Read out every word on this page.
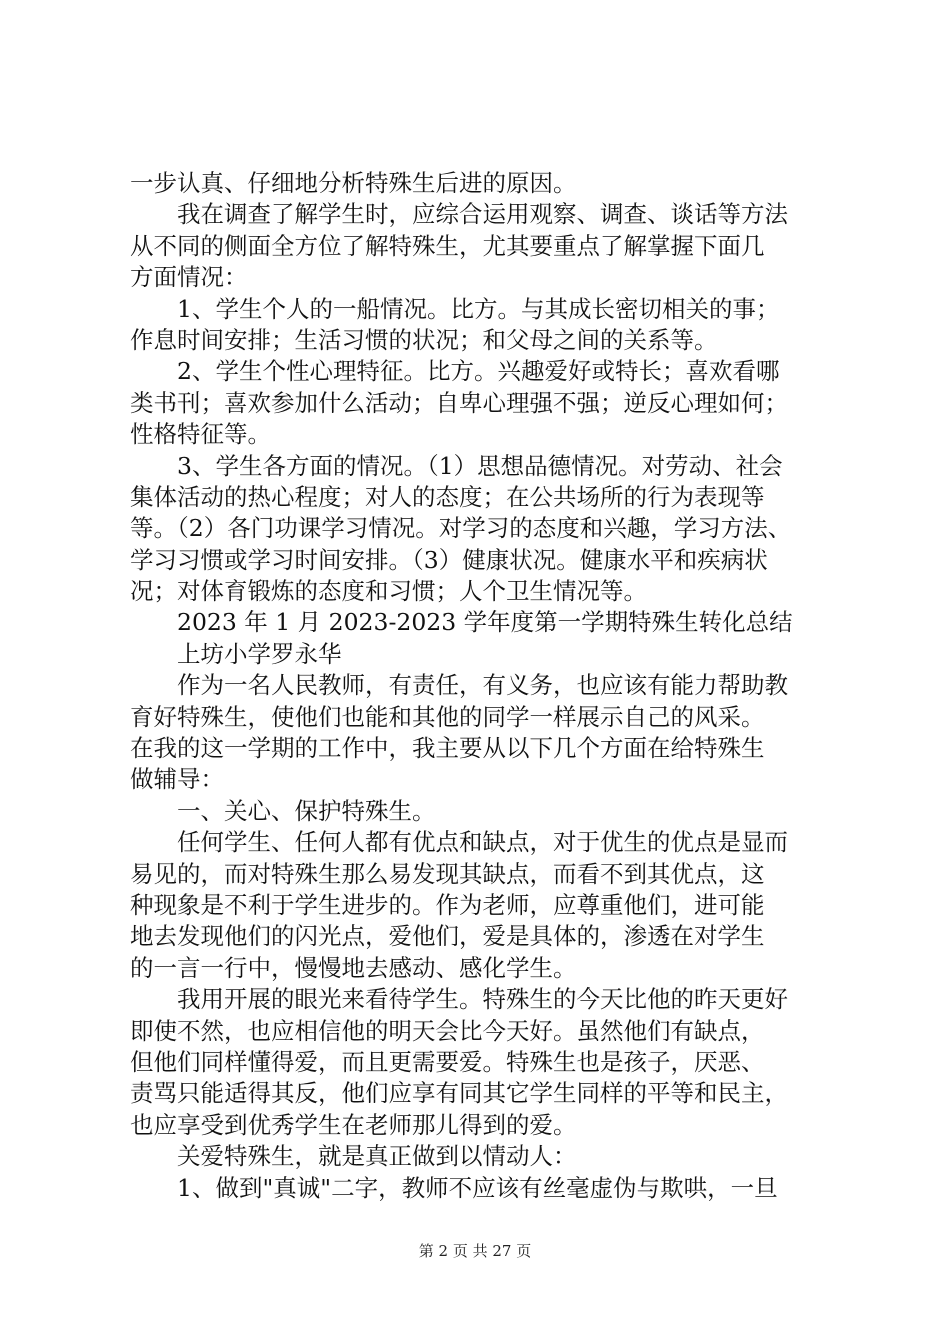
一步认真、仔细地分析特殊生后进的原因。
我在调查了解学生时，应综合运用观察、调查、谈话等方法
从不同的侧面全方位了解特殊生，尤其要重点了解掌握下面几
方面情况：
1、学生个人的一船情况。比方。与其成长密切相关的事；
作息时间安排；生活习惯的状况；和父母之间的关系等。
2、学生个性心理特征。比方。兴趣爱好或特长；喜欢看哪
类书刊；喜欢参加什么活动；自卑心理强不强；逆反心理如何；
性格特征等。
3、学生各方面的情况。（1）思想品德情况。对劳动、社会
集体活动的热心程度；对人的态度；在公共场所的行为表现等
等。（2）各门功课学习情况。对学习的态度和兴趣，学习方法、
学习习惯或学习时间安排。（3）健康状况。健康水平和疾病状
况；对体育锻炼的态度和习惯；人个卫生情况等。
2023 年 1 月 2023-2023 学年度第一学期特殊生转化总结
上坊小学罗永华
作为一名人民教师，有责任，有义务，也应该有能力帮助教
育好特殊生，使他们也能和其他的同学一样展示自己的风采。
在我的这一学期的工作中，我主要从以下几个方面在给特殊生
做辅导：
一、关心、保护特殊生。
任何学生、任何人都有优点和缺点，对于优生的优点是显而
易见的，而对特殊生那么易发现其缺点，而看不到其优点，这
种现象是不利于学生进步的。作为老师，应尊重他们，进可能
地去发现他们的闪光点，爱他们，爱是具体的，渗透在对学生
的一言一行中，慢慢地去感动、感化学生。
我用开展的眼光来看待学生。特殊生的今天比他的昨天更好
即使不然，也应相信他的明天会比今天好。虽然他们有缺点，
但他们同样懂得爱，而且更需要爱。特殊生也是孩子，厌恶、
责骂只能适得其反，他们应享有同其它学生同样的平等和民主，
也应享受到优秀学生在老师那儿得到的爱。
关爱特殊生，就是真正做到以情动人：
1、做到"真诚"二字，教师不应该有丝毫虚伪与欺哄，一旦
第 2 页 共 27 页
